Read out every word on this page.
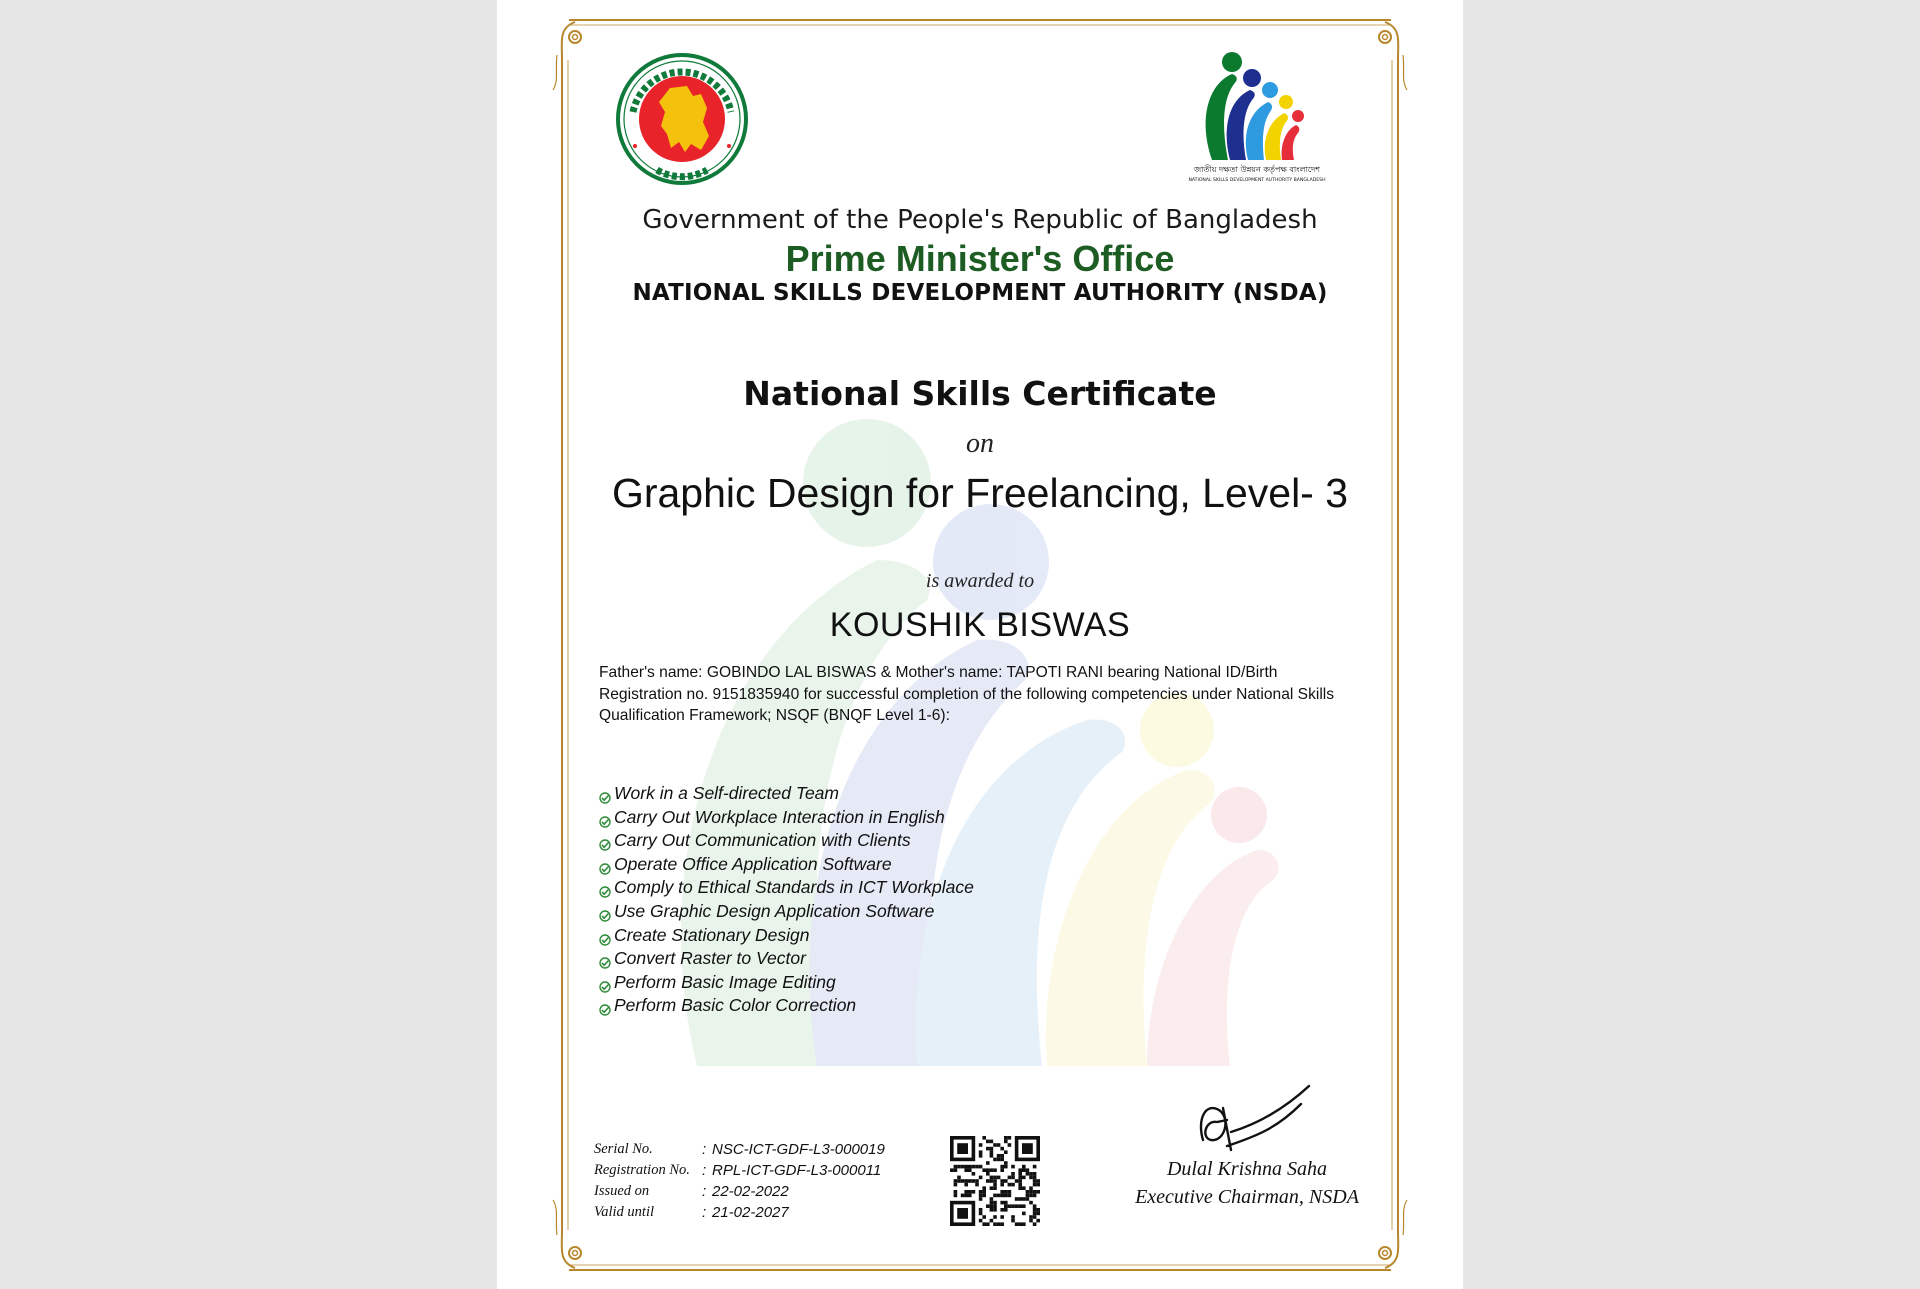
জাতীয় দক্ষতা উন্নয়ন কর্তৃপক্ষ বাংলাদেশ
NATIONAL SKILLS DEVELOPMENT AUTHORITY BANGLADESH
Government of the People's Republic of Bangladesh
Prime Minister's Office
NATIONAL SKILLS DEVELOPMENT AUTHORITY (NSDA)
National Skills Certificate
on
Graphic Design for Freelancing, Level- 3
is awarded to
KOUSHIK BISWAS
Father's name: GOBINDO LAL BISWAS & Mother's name: TAPOTI RANI bearing National ID/Birth Registration no. 9151835940 for successful completion of the following competencies under National Skills Qualification Framework; NSQF (BNQF Level 1-6):
Work in a Self-directed Team
Carry Out Workplace Interaction in English
Carry Out Communication with Clients
Operate Office Application Software
Comply to Ethical Standards in ICT Workplace
Use Graphic Design Application Software
Create Stationary Design
Convert Raster to Vector
Perform Basic Image Editing
Perform Basic Color Correction
Serial No.	: NSC-ICT-GDF-L3-000019
Registration No. : RPL-ICT-GDF-L3-000011
Issued on	: 22-02-2022
Valid until	: 21-02-2027
Dulal Krishna Saha
Executive Chairman, NSDA
